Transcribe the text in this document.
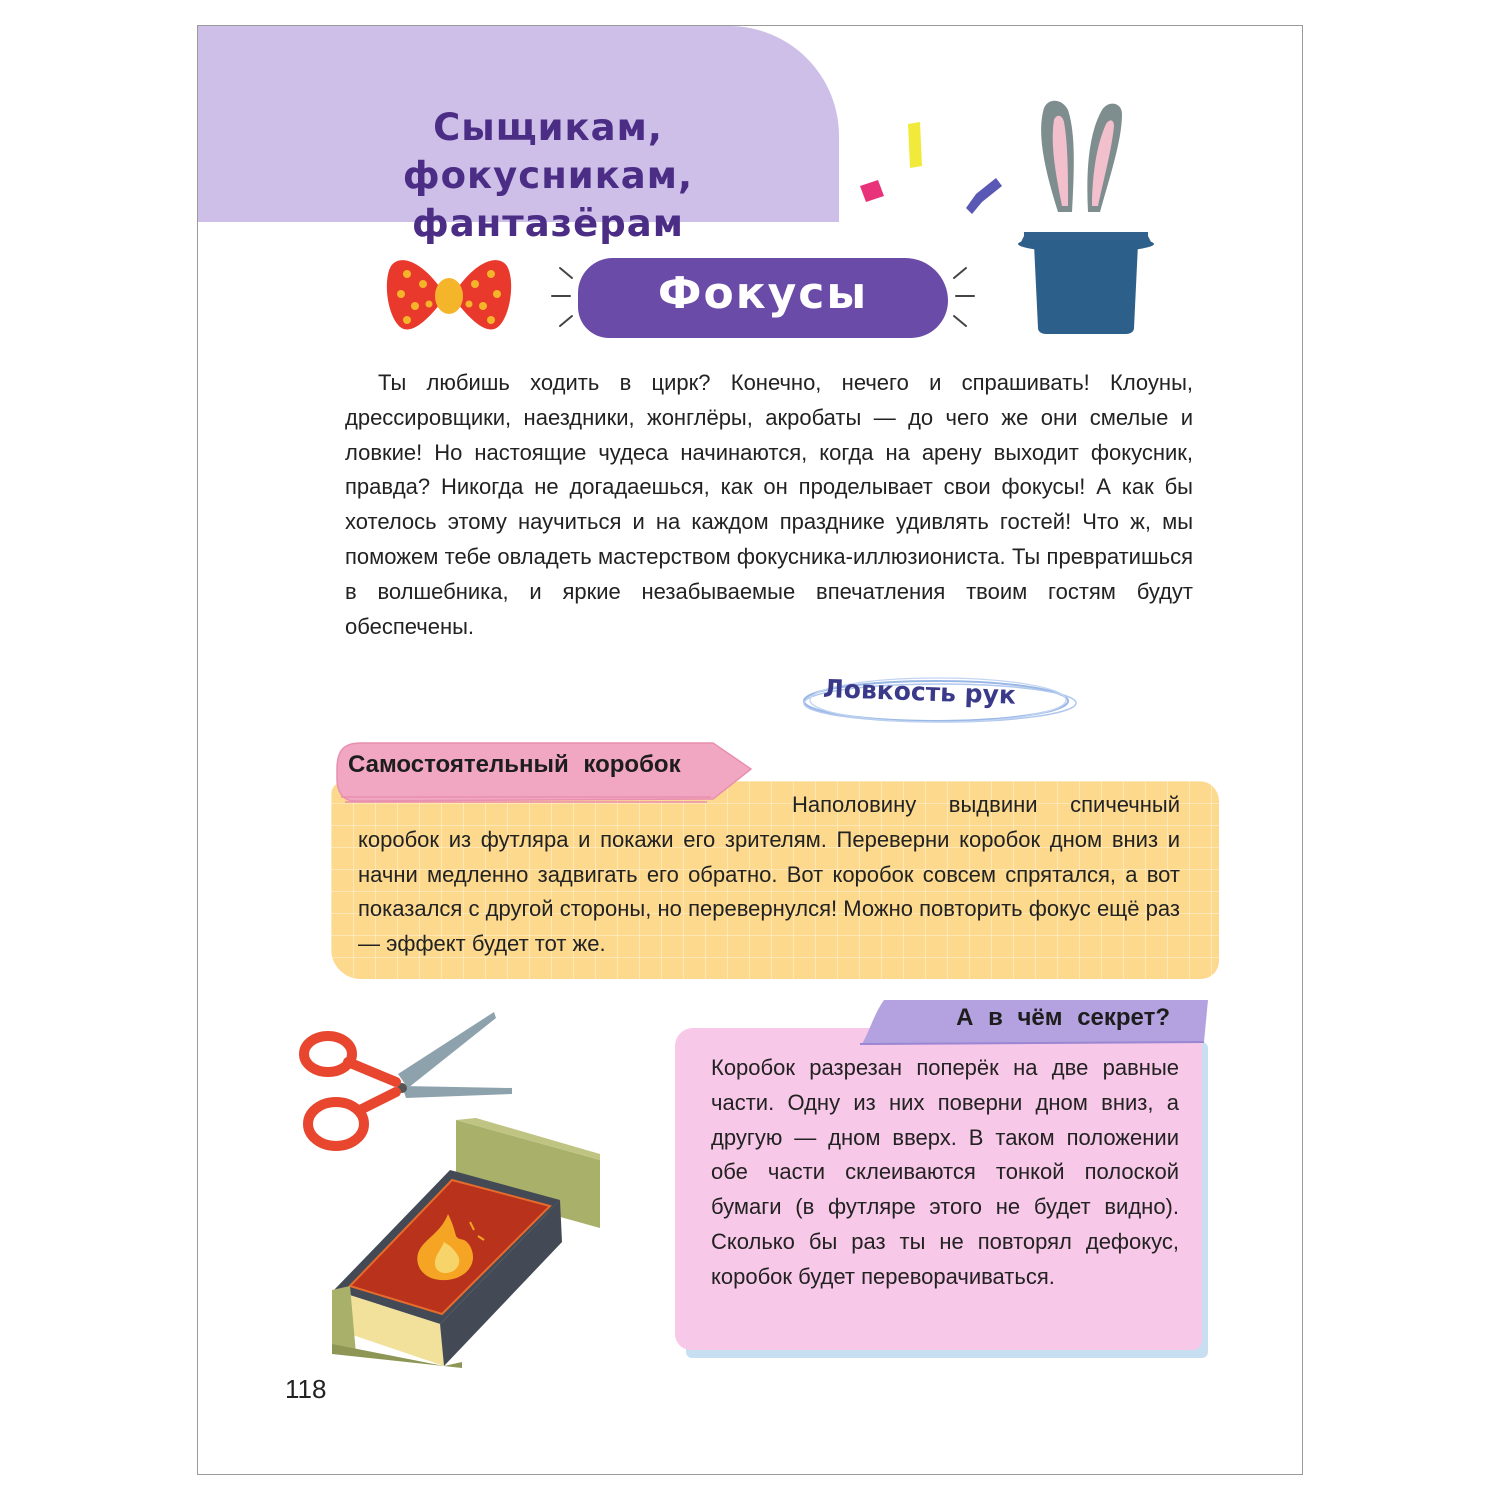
Сыщикам, фокусникам,
фантазёрам
Фокусы

Ты любишь ходить в цирк? Конечно, нечего и спрашивать! Клоуны, дрессировщики, наездники, жонглёры, акробаты — до чего же они смелые и ловкие! Но настоящие чудеса начинаются, когда на арену выходит фокусник, правда? Никогда не догадаешься, как он проделывает свои фокусы! А как бы хотелось этому научиться и на каждом празднике удивлять гостей! Что ж, мы поможем тебе овладеть мастерством фокусника-иллюзиониста. Ты превратишься в волшебника, и яркие незабываемые впечатления твоим гостям будут обеспечены.

Ловкость рук
Самостоятельный коробок

Наполовину выдвини спичечный коробок из футляра и покажи его зрителям. Переверни коробок дном вниз и начни медленно задвигать его обратно. Вот коробок совсем спрятался, а вот показался с другой стороны, но перевернулся! Можно повторить фокус ещё раз — эффект будет тот же.

А в чём секрет?

Коробок разрезан поперёк на две равные части. Одну из них поверни дном вниз, а другую — дном вверх. В таком положении обе части склеиваются тонкой полоской бумаги (в футляре этого не будет видно). Сколько бы раз ты не повторял дефокус, коробок будет переворачиваться.

118
